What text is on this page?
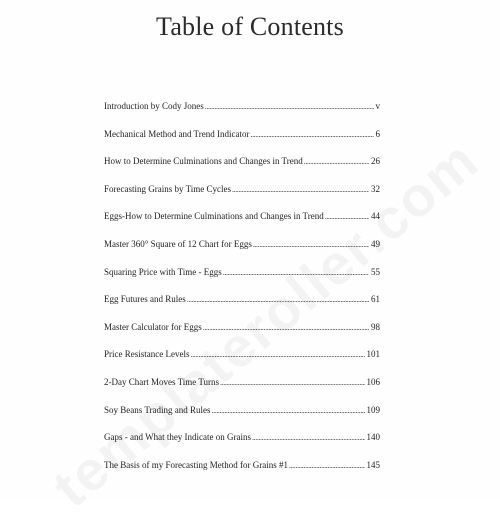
Table of Contents
Introduction by Cody Jones . . .	v
Mechanical Method and Trend Indicator . . .	6
How to Determine Culminations and Changes in Trend . . .	26
Forecasting Grains by Time Cycles . . .	32
Eggs-How to Determine Culminations and Changes in Trend . . .	44
Master 360° Square of 12 Chart for Eggs . . .	49
Squaring Price with Time - Eggs . . .	55
Egg Futures and Rules . . .	61
Master Calculator for Eggs . . .	98
Price Resistance Levels . . .	101
2-Day Chart Moves Time Turns . . .	106
Soy Beans Trading and Rules . . .	109
Gaps - and What they Indicate on Grains . . .	140
The Basis of my Forecasting Method for Grains #1 . . .	145
